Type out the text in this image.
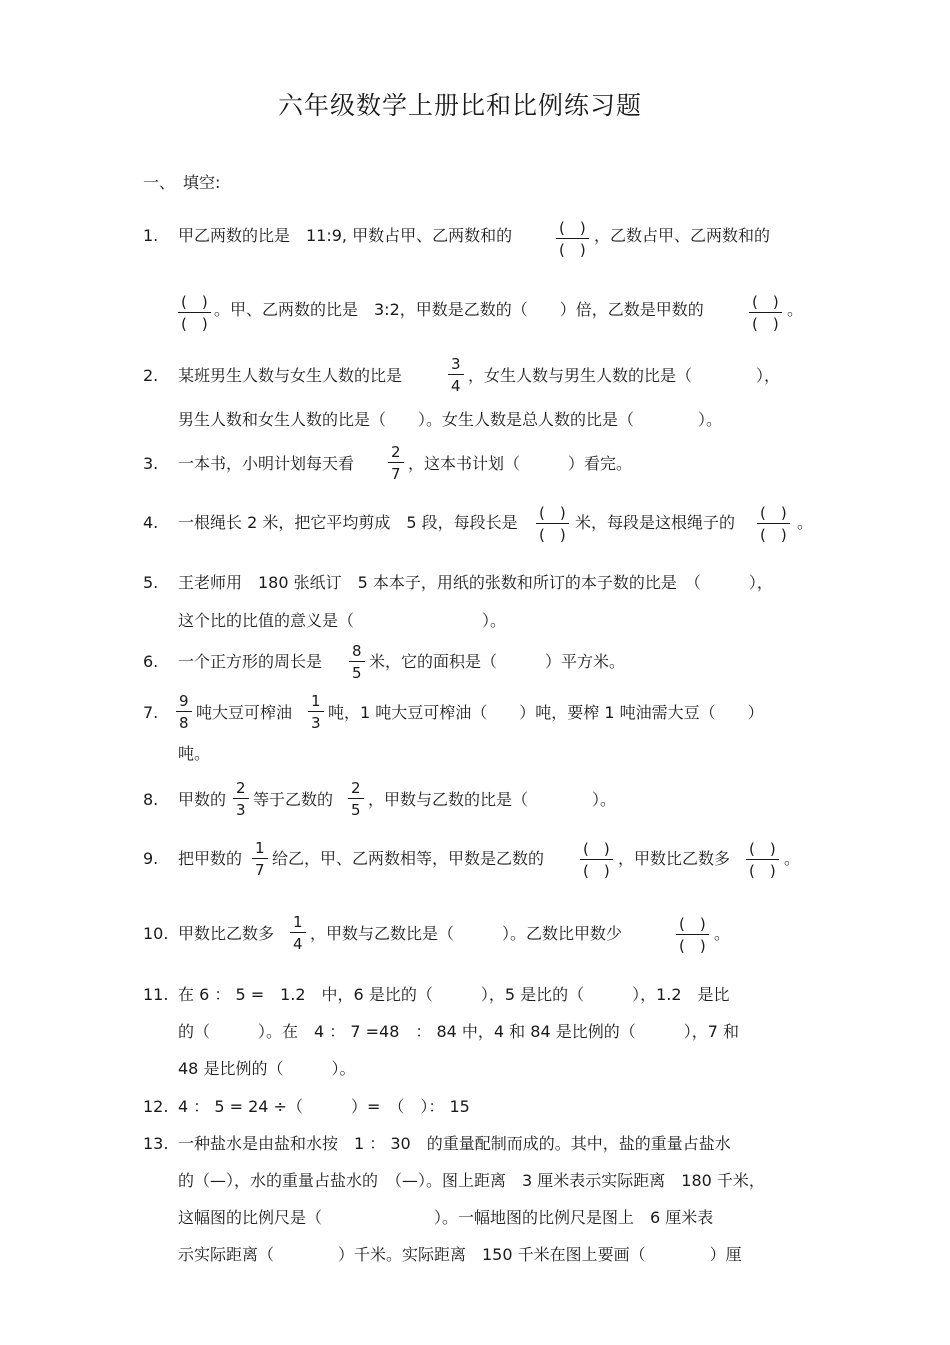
六年级数学上册比和比例练习题
一、　填空:
1.	甲乙两数的比是　11:9, 甲数占甲、乙两数和的	(　)
(　)
，乙数占甲、乙两数和的
(　)
(　)
。甲、乙两数的比是　3:2，甲数是乙数的（　　）倍，乙数是甲数的	(　)
(　)
。
2.	某班男生人数与女生人数的比是	$\frac{3}{4}$ ，女生人数与男生人数的比是（　　　　），
男生人数和女生人数的比是（　　）。女生人数是总人数的比是（　　　　）。
3.	一本书，小明计划每天看 $\frac{2}{7}$ ，这本书计划（　　　）看完。
4.	一根绳长 2 米，把它平均剪成　5 段，每段长是 (　)
(　)
米，每段是这根绳子的 (　)
(　)
。
5.	王老师用　180 张纸订　5 本本子，用纸的张数和所订的本子数的比是　（　　　），
这个比的比值的意义是（　　　　　　　　）。
6.	一个正方形的周长是 $\frac{8}{5}$ 米，它的面积是（　　　）平方米。
7.	$\frac{9}{8}$ 吨大豆可榨油 $\frac{1}{3}$ 吨，1 吨大豆可榨油（　　）吨，要榨 1 吨油需大豆（　　）
吨。
8.	甲数的 $\frac{2}{3}$ 等于乙数的 $\frac{2}{5}$ ，甲数与乙数的比是（　　　　）。
9.	把甲数的 $\frac{1}{7}$ 给乙，甲、乙两数相等，甲数是乙数的	(　)
(　)
，甲数比乙数多 (　)
(　)
。
10. 甲数比乙数多 $\frac{1}{4}$ ，甲数与乙数比是（　　　）。乙数比甲数少	(　)
(　)
。
11. 在 6 ： 5 =　1.2　中，6 是比的（　　　），5 是比的（　　　），1.2　是比
的（　　　）。在　4 ： 7 =48　： 84 中，4 和 84 是比例的（　　　），7 和
48 是比例的（　　　）。
12. 4 ： 5 = 24 ÷（　　　）=　（　）： 15
13. 一种盐水是由盐和水按　1 ： 30　的重量配制而成的。其中，盐的重量占盐水
的（—），水的重量占盐水的　（—）。图上距离　3 厘米表示实际距离　180 千米，
这幅图的比例尺是（　　　　　　　）。一幅地图的比例尺是图上　6 厘米表
示实际距离（　　　　）千米。实际距离　150 千米在图上要画（　　　　）厘
